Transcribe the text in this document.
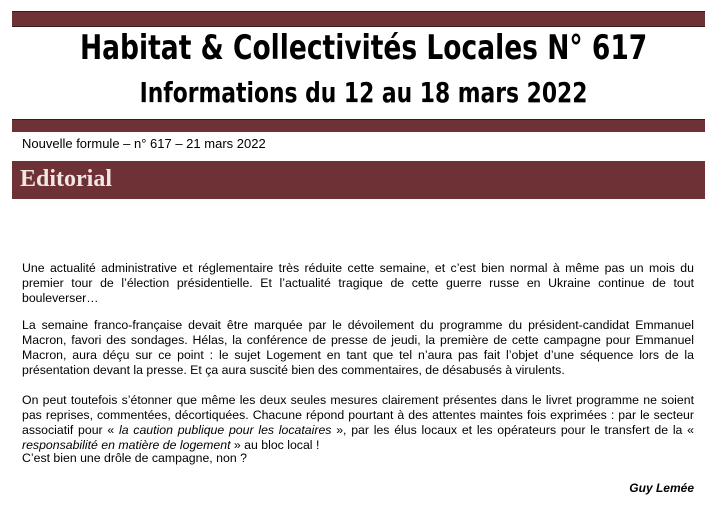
Habitat & Collectivités Locales N° 617
Informations du 12 au 18 mars 2022
Nouvelle formule – n° 617 – 21 mars 2022
Editorial

Une actualité administrative et réglementaire très réduite cette semaine, et c’est bien normal à même pas un mois du premier tour de l’élection présidentielle. Et l’actualité tragique de cette guerre russe en Ukraine continue de tout bouleverser…

La semaine franco-française devait être marquée par le dévoilement du programme du président-candidat Emmanuel Macron, favori des sondages. Hélas, la conférence de presse de jeudi, la première de cette campagne pour Emmanuel Macron, aura déçu sur ce point : le sujet Logement en tant que tel n’aura pas fait l’objet d’une séquence lors de la présentation devant la presse. Et ça aura suscité bien des commentaires, de désabusés à virulents.

On peut toutefois s’étonner que même les deux seules mesures clairement présentes dans le livret programme ne soient pas reprises, commentées, décortiquées. Chacune répond pourtant à des attentes maintes fois exprimées : par le secteur associatif pour « la caution publique pour les locataires », par les élus locaux et les opérateurs pour le transfert de la « responsabilité en matière de logement » au bloc local !

C’est bien une drôle de campagne, non ?

Guy Lemée
